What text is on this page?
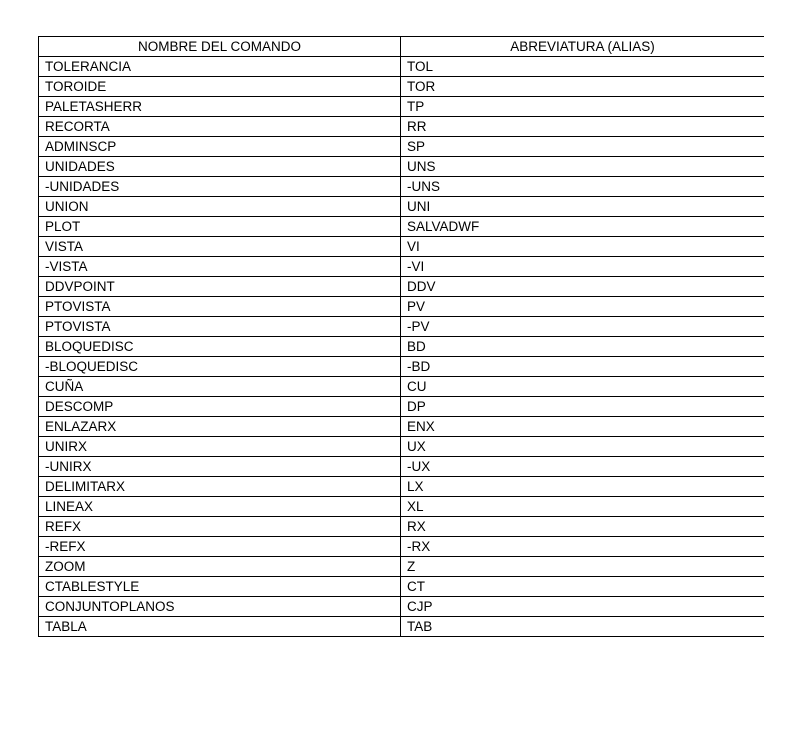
NOMBRE DEL COMANDO	ABREVIATURA (ALIAS)
TOLERANCIA	TOL
TOROIDE	TOR
PALETASHERR	TP
RECORTA	RR
ADMINSCP	SP
UNIDADES	UNS
-UNIDADES	-UNS
UNION	UNI
PLOT	SALVADWF
VISTA	VI
-VISTA	-VI
DDVPOINT	DDV
PTOVISTA	PV
PTOVISTA	-PV
BLOQUEDISC	BD
-BLOQUEDISC	-BD
CUÑA	CU
DESCOMP	DP
ENLAZARX	ENX
UNIRX	UX
-UNIRX	-UX
DELIMITARX	LX
LINEAX	XL
REFX	RX
-REFX	-RX
ZOOM	Z
CTABLESTYLE	CT
CONJUNTOPLANOS	CJP
TABLA	TAB
